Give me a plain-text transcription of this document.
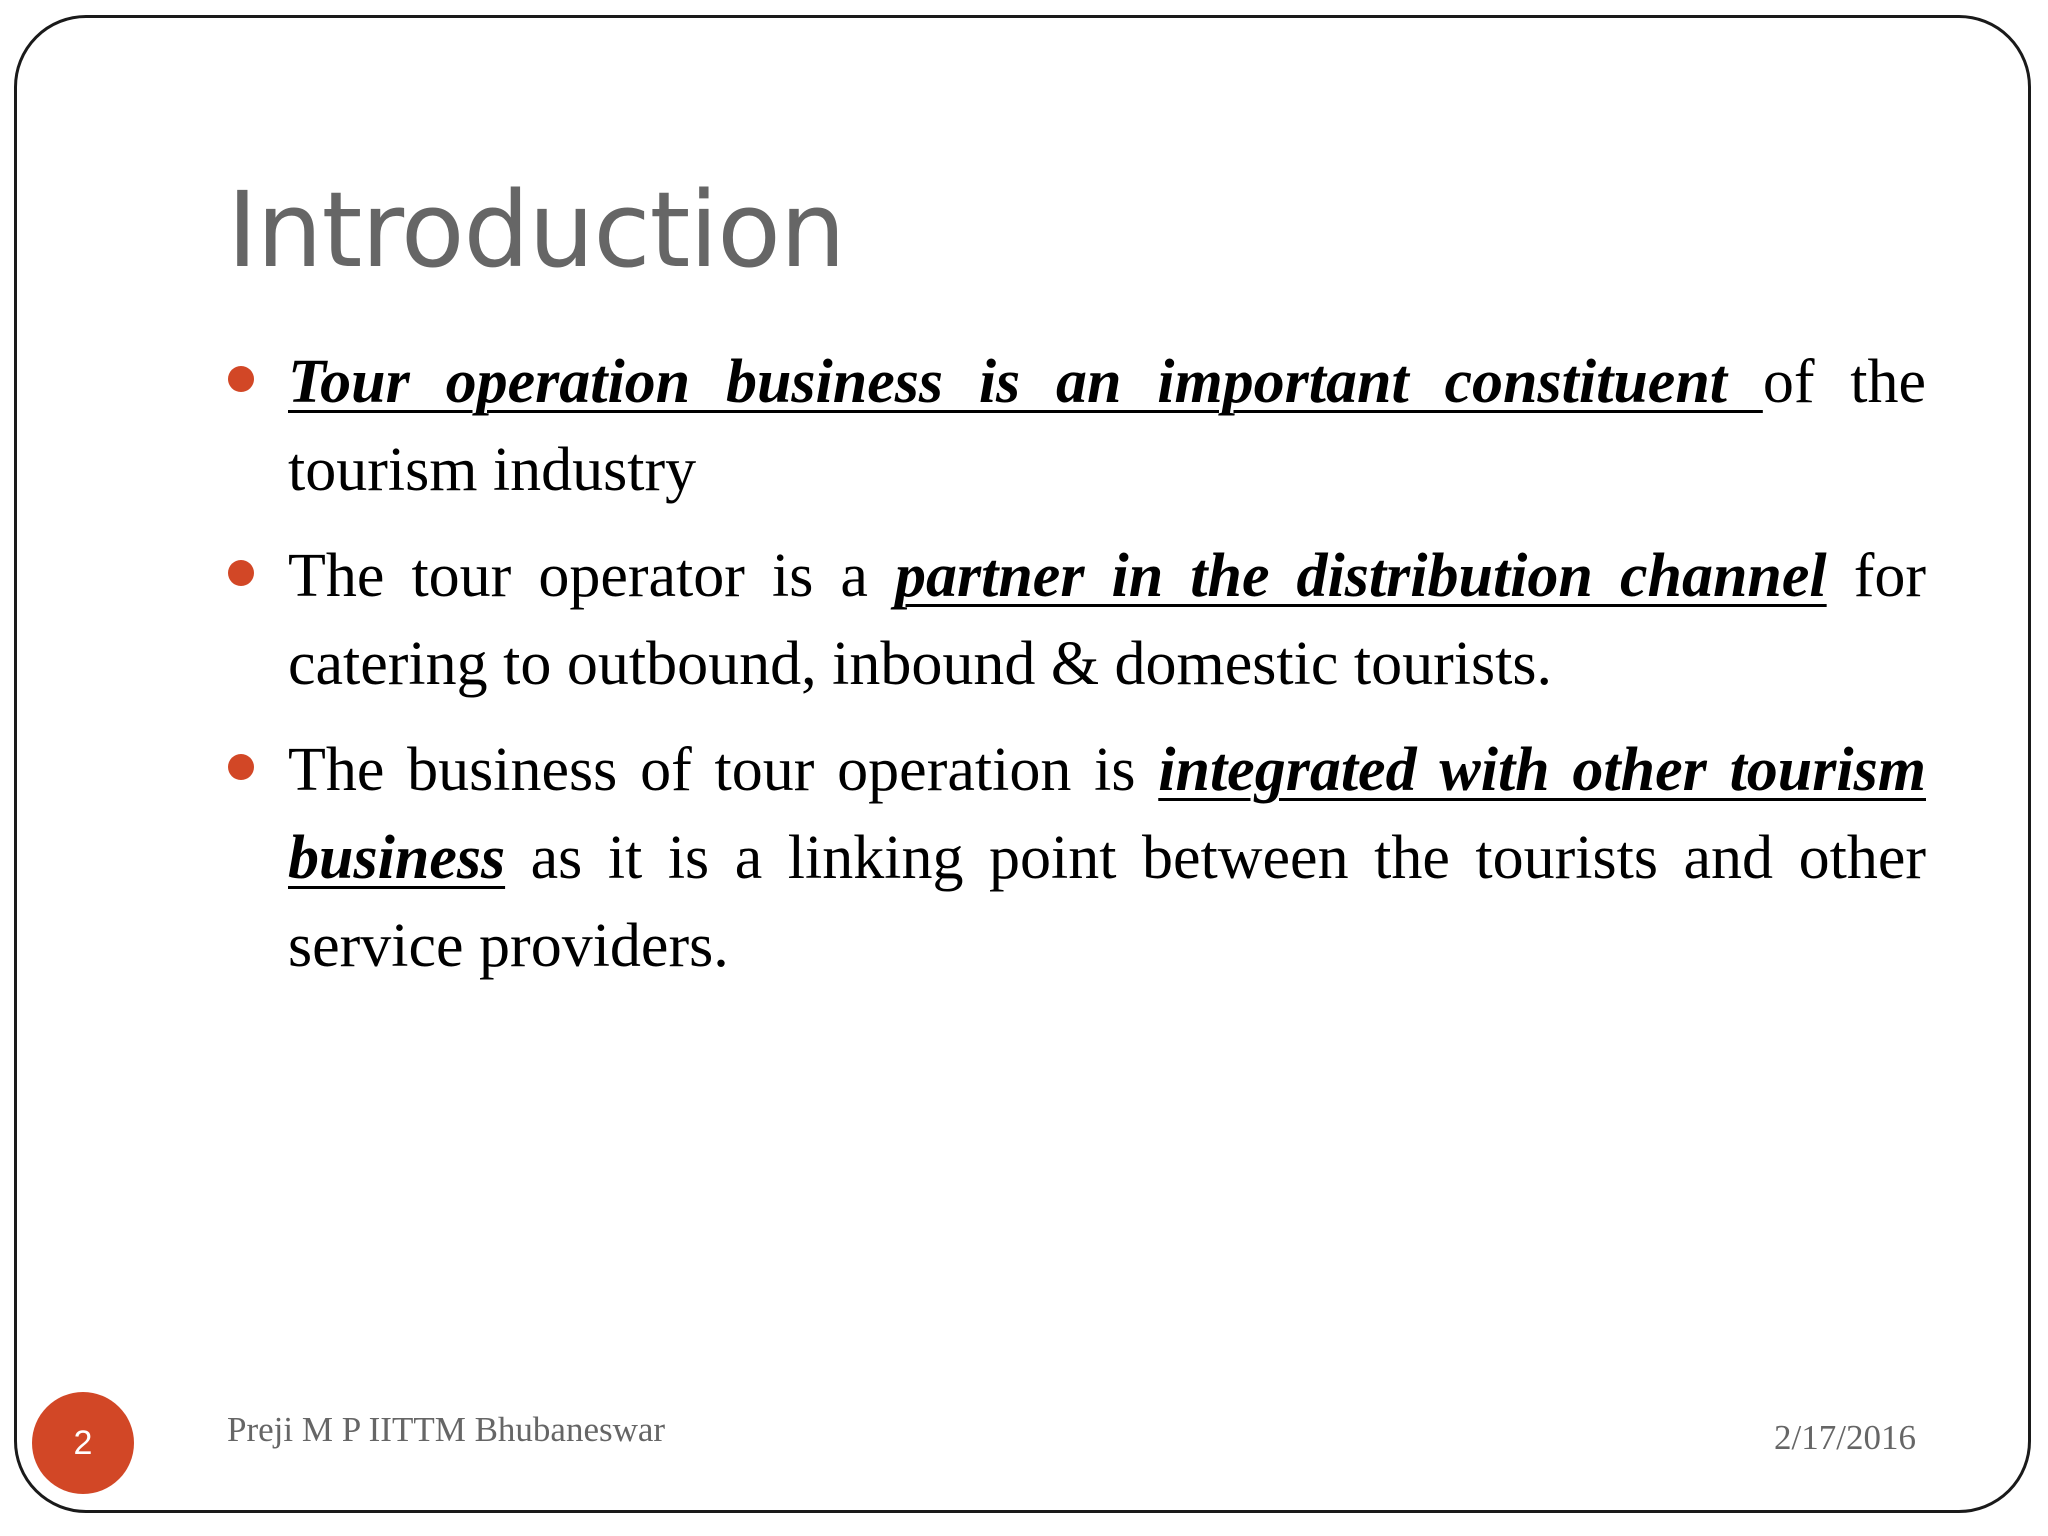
Introduction
Tour operation business is an important constituent of the tourism industry
The tour operator is a partner in the distribution channel for catering to outbound, inbound & domestic tourists.
The business of tour operation is integrated with other tourism business as it is a linking point between the tourists and other service providers.
2	Preji M P IITTM Bhubaneswar	2/17/2016
